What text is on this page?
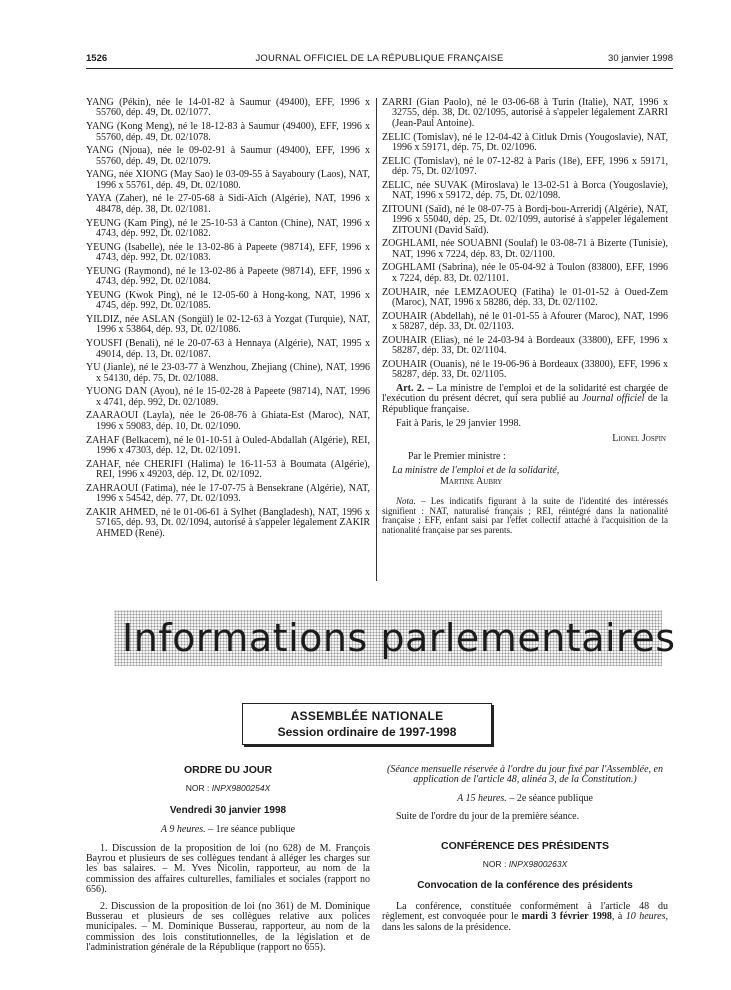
1526	JOURNAL OFFICIEL DE LA RÉPUBLIQUE FRANÇAISE	30 janvier 1998

YANG (Pékin), née le 14-01-82 à Saumur (49400), EFF, 1996 x 55760, dép. 49, Dt. 02/1077.

YANG (Kong Meng), né le 18-12-83 à Saumur (49400), EFF, 1996 x 55760, dép. 49, Dt. 02/1078.

YANG (Njoua), née le 09-02-91 à Saumur (49400), EFF, 1996 x 55760, dép. 49, Dt. 02/1079.

YANG, née XIONG (May Sao) le 03-09-55 à Sayaboury (Laos), NAT, 1996 x 55761, dép. 49, Dt. 02/1080.

YAYA (Zaher), né le 27-05-68 à Sidi-Aïch (Algérie), NAT, 1996 x 48478, dép. 38, Dt. 02/1081.

YEUNG (Kam Ping), né le 25-10-53 à Canton (Chine), NAT, 1996 x 4743, dép. 992, Dt. 02/1082.

YEUNG (Isabelle), née le 13-02-86 à Papeete (98714), EFF, 1996 x 4743, dép. 992, Dt. 02/1083.

YEUNG (Raymond), né le 13-02-86 à Papeete (98714), EFF, 1996 x 4743, dép. 992, Dt. 02/1084.

YEUNG (Kwok Ping), né le 12-05-60 à Hong-kong, NAT, 1996 x 4745, dép. 992, Dt. 02/1085.

YILDIZ, née ASLAN (Songül) le 02-12-63 à Yozgat (Turquie), NAT, 1996 x 53864, dép. 93, Dt. 02/1086.

YOUSFI (Benali), né le 20-07-63 à Hennaya (Algérie), NAT, 1995 x 49014, dép. 13, Dt. 02/1087.

YU (Jianle), né le 23-03-77 à Wenzhou, Zhejiang (Chine), NAT, 1996 x 54130, dép. 75, Dt. 02/1088.

YUONG DAN (Ayou), né le 15-02-28 à Papeete (98714), NAT, 1996 x 4741, dép. 992, Dt. 02/1089.

ZAARAOUI (Layla), née le 26-08-76 à Ghiata-Est (Maroc), NAT, 1996 x 59083, dép. 10, Dt. 02/1090.

ZAHAF (Belkacem), né le 01-10-51 à Ouled-Abdallah (Algérie), REI, 1996 x 47303, dép. 12, Dt. 02/1091.

ZAHAF, née CHERIFI (Halima) le 16-11-53 à Boumata (Algérie), REI, 1996 x 49203, dép. 12, Dt. 02/1092.

ZAHRAOUI (Fatima), née le 17-07-75 à Bensekrane (Algérie), NAT, 1996 x 54542, dép. 77, Dt. 02/1093.

ZAKIR AHMED, né le 01-06-61 à Sylhet (Bangladesh), NAT, 1996 x 57165, dép. 93, Dt. 02/1094, autorisé à s'appeler légalement ZAKIR AHMED (René).

ZARRI (Gian Paolo), né le 03-06-68 à Turin (Italie), NAT, 1996 x 32755, dép. 38, Dt. 02/1095, autorisé à s'appeler légalement ZARRI (Jean-Paul Antoine).

ZELIC (Tomislav), né le 12-04-42 à Citluk Drnis (Yougoslavie), NAT, 1996 x 59171, dép. 75, Dt. 02/1096.

ZELIC (Tomislav), né le 07-12-82 à Paris (18e), EFF, 1996 x 59171, dép. 75, Dt. 02/1097.

ZELIC, née SUVAK (Miroslava) le 13-02-51 à Borca (Yougoslavie), NAT, 1996 x 59172, dép. 75, Dt. 02/1098.

ZITOUNI (Saïd), né le 08-07-75 à Bordj-bou-Arreridj (Algérie), NAT, 1996 x 55040, dép. 25, Dt. 02/1099, autorisé à s'appeler légalement ZITOUNI (David Saïd).

ZOGHLAMI, née SOUABNI (Soulaf) le 03-08-71 à Bizerte (Tunisie), NAT, 1996 x 7224, dép. 83, Dt. 02/1100.

ZOGHLAMI (Sabrina), née le 05-04-92 à Toulon (83800), EFF, 1996 x 7224, dép. 83, Dt. 02/1101.

ZOUHAIR, née LEMZAOUEQ (Fatiha) le 01-01-52 à Oued-Zem (Maroc), NAT, 1996 x 58286, dép. 33, Dt. 02/1102.

ZOUHAIR (Abdellah), né le 01-01-55 à Afourer (Maroc), NAT, 1996 x 58287, dép. 33, Dt. 02/1103.

ZOUHAIR (Elias), né le 24-03-94 à Bordeaux (33800), EFF, 1996 x 58287, dép. 33, Dt. 02/1104.

ZOUHAIR (Ouanis), né le 19-06-96 à Bordeaux (33800), EFF, 1996 x 58287, dép. 33, Dt. 02/1105.

Art. 2. – La ministre de l'emploi et de la solidarité est chargée de l'exécution du présent décret, qui sera publié au Journal officiel de la République française.

Fait à Paris, le 29 janvier 1998.

Lionel Jospin

Par le Premier ministre :

La ministre de l'emploi et de la solidarité,

Martine Aubry

Nota. – Les indicatifs figurant à la suite de l'identité des intéressés signifient : NAT, naturalisé français ; REI, réintégré dans la nationalité française ; EFF, enfant saisi par l'effet collectif attaché à l'acquisition de la nationalité française par ses parents.

Informations parlementaires
ASSEMBLÉE NATIONALE
Session ordinaire de 1997-1998

ORDRE DU JOUR

NOR : INPX9800254X

Vendredi 30 janvier 1998

A 9 heures. – 1re séance publique

1. Discussion de la proposition de loi (no 628) de M. François Bayrou et plusieurs de ses collègues tendant à alléger les charges sur les bas salaires. – M. Yves Nicolin, rapporteur, au nom de la commission des affaires culturelles, familiales et sociales (rapport no 656).

2. Discussion de la proposition de loi (no 361) de M. Dominique Busserau et plusieurs de ses collègues relative aux polices municipales. – M. Dominique Busserau, rapporteur, au nom de la commission des lois constitutionnelles, de la législation et de l'administration générale de la République (rapport no 655).

(Séance mensuelle réservée à l'ordre du jour fixé par l'Assemblée, en application de l'article 48, alinéa 3, de la Constitution.)

A 15 heures. – 2e séance publique

Suite de l'ordre du jour de la première séance.

CONFÉRENCE DES PRÉSIDENTS

NOR : INPX9800263X

Convocation de la conférence des présidents

La conférence, constituée conformément à l'article 48 du règlement, est convoquée pour le mardi 3 février 1998, à 10 heures, dans les salons de la présidence.
